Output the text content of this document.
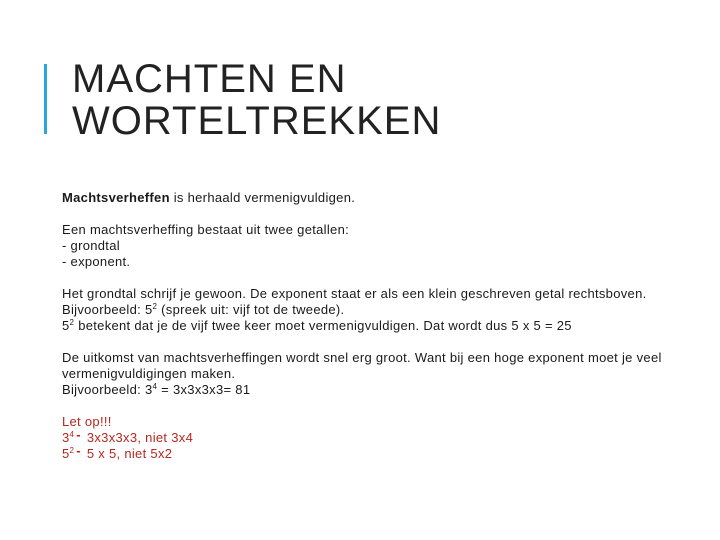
MACHTEN EN
WORTELTREKKEN

Machtsverheffen is herhaald vermenigvuldigen.

Een machtsverheffing bestaat uit twee getallen:
- grondtal
- exponent.

Het grondtal schrijf je gewoon. De exponent staat er als een klein geschreven getal rechtsboven.
Bijvoorbeeld: $5^2$ (spreek uit: vijf tot de tweede).
$5^2$ betekent dat je de vijf twee keer moet vermenigvuldigen. Dat wordt dus 5 x 5 = 25

De uitkomst van machtsverheffingen wordt snel erg groot. Want bij een hoge exponent moet je veel
vermenigvuldigingen maken.
Bijvoorbeeld: $3^4 = 3x3x3x3= 81$

Let op!!!
$3^4 - 3x3x3x3$, niet 3x4
$5^2 - 5$ x 5, niet 5x2
